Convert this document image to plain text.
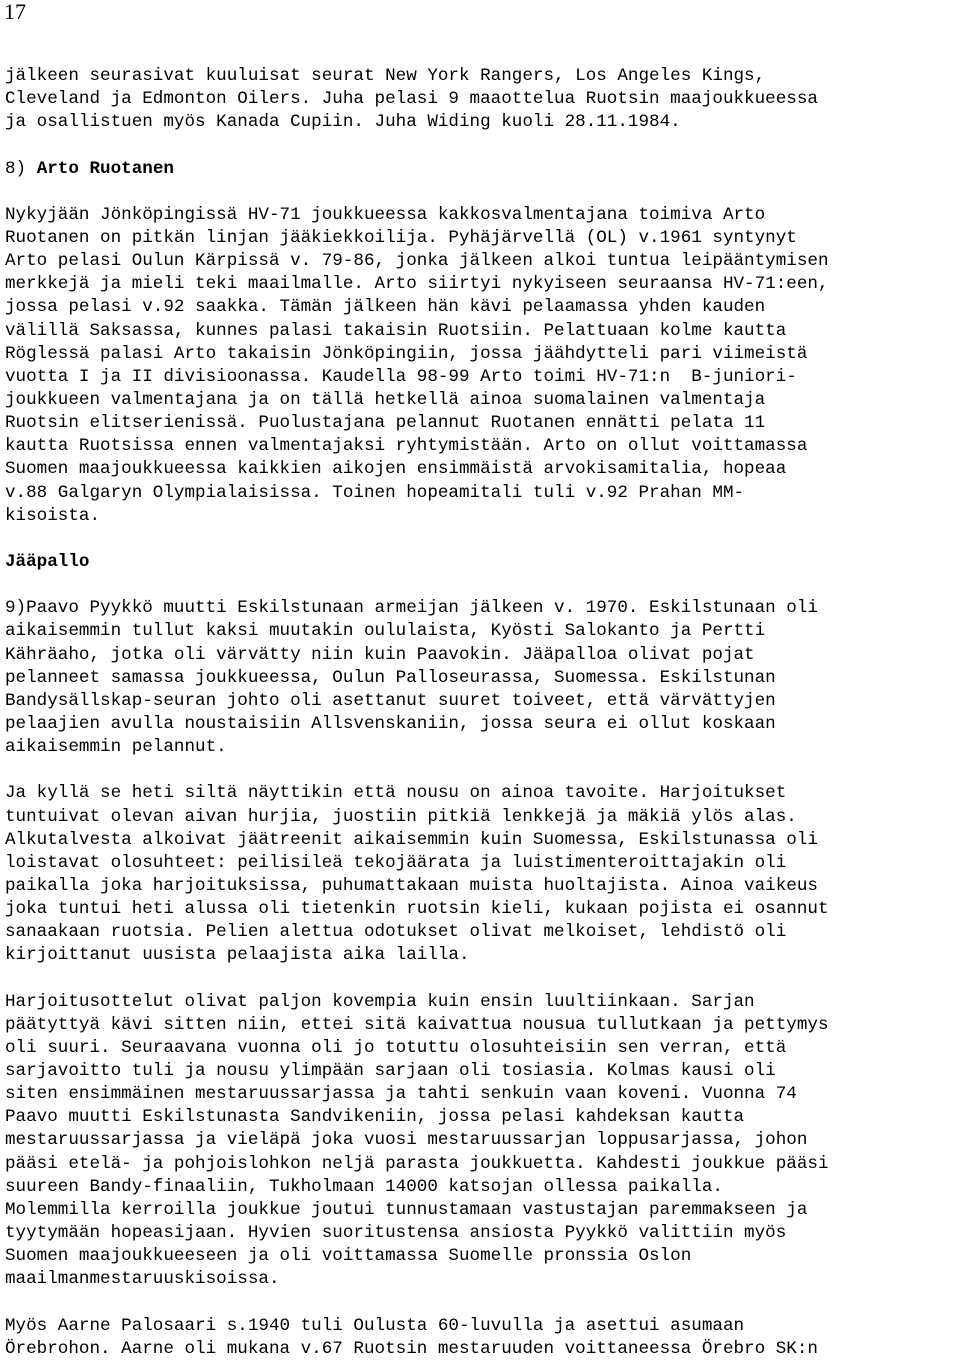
17
jälkeen seurasivat kuuluisat seurat New York Rangers, Los Angeles Kings,
Cleveland ja Edmonton Oilers. Juha pelasi 9 maaottelua Ruotsin maajoukkueessa
ja osallistuen myös Kanada Cupiin. Juha Widing kuoli 28.11.1984.
8) Arto Ruotanen
Nykyjään Jönköpingissä HV-71 joukkueessa kakkosvalmentajana toimiva Arto
Ruotanen on pitkän linjan jääkiekkoilija. Pyhäjärvellä (OL) v.1961 syntynyt
Arto pelasi Oulun Kärpissä v. 79-86, jonka jälkeen alkoi tuntua leipääntymisen
merkkejä ja mieli teki maailmalle. Arto siirtyi nykyiseen seuraansa HV-71:een,
jossa pelasi v.92 saakka. Tämän jälkeen hän kävi pelaamassa yhden kauden
välillä Saksassa, kunnes palasi takaisin Ruotsiin. Pelattuaan kolme kautta
Röglessä palasi Arto takaisin Jönköpingiin, jossa jäähdytteli pari viimeistä
vuotta I ja II divisioonassa. Kaudella 98-99 Arto toimi HV-71:n  B-juniori-
joukkueen valmentajana ja on tällä hetkellä ainoa suomalainen valmentaja
Ruotsin elitserienissä. Puolustajana pelannut Ruotanen ennätti pelata 11
kautta Ruotsissa ennen valmentajaksi ryhtymistään. Arto on ollut voittamassa
Suomen maajoukkueessa kaikkien aikojen ensimmäistä arvokisamitalia, hopeaa
v.88 Galgaryn Olympialaisissa. Toinen hopeamitali tuli v.92 Prahan MM-
kisoista.
Jääpallo
9)Paavo Pyykkö muutti Eskilstunaan armeijan jälkeen v. 1970. Eskilstunaan oli
aikaisemmin tullut kaksi muutakin oululaista, Kyösti Salokanto ja Pertti
Kähräaho, jotka oli värvätty niin kuin Paavokin. Jääpalloa olivat pojat
pelanneet samassa joukkueessa, Oulun Palloseurassa, Suomessa. Eskilstunan
Bandysällskap-seuran johto oli asettanut suuret toiveet, että värvättyjen
pelaajien avulla noustaisiin Allsvenskaniin, jossa seura ei ollut koskaan
aikaisemmin pelannut.
Ja kyllä se heti siltä näyttikin että nousu on ainoa tavoite. Harjoitukset
tuntuivat olevan aivan hurjia, juostiin pitkiä lenkkejä ja mäkiä ylös alas.
Alkutalvesta alkoivat jäätreenit aikaisemmin kuin Suomessa, Eskilstunassa oli
loistavat olosuhteet: peilisileä tekojäärata ja luistimenteroittajakin oli
paikalla joka harjoituksissa, puhumattakaan muista huoltajista. Ainoa vaikeus
joka tuntui heti alussa oli tietenkin ruotsin kieli, kukaan pojista ei osannut
sanaakaan ruotsia. Pelien alettua odotukset olivat melkoiset, lehdistö oli
kirjoittanut uusista pelaajista aika lailla.
Harjoitusottelut olivat paljon kovempia kuin ensin luultiinkaan. Sarjan
päätyttyä kävi sitten niin, ettei sitä kaivattua nousua tullutkaan ja pettymys
oli suuri. Seuraavana vuonna oli jo totuttu olosuhteisiin sen verran, että
sarjavoitto tuli ja nousu ylimpään sarjaan oli tosiasia. Kolmas kausi oli
siten ensimmäinen mestaruussarjassa ja tahti senkuin vaan koveni. Vuonna 74
Paavo muutti Eskilstunasta Sandvikeniin, jossa pelasi kahdeksan kautta
mestaruussarjassa ja vieläpä joka vuosi mestaruussarjan loppusarjassa, johon
pääsi etelä- ja pohjoislohkon neljä parasta joukkuetta. Kahdesti joukkue pääsi
suureen Bandy-finaaliin, Tukholmaan 14000 katsojan ollessa paikalla.
Molemmilla kerroilla joukkue joutui tunnustamaan vastustajan paremmakseen ja
tyytymään hopeasijaan. Hyvien suoritustensa ansiosta Pyykkö valittiin myös
Suomen maajoukkueeseen ja oli voittamassa Suomelle pronssia Oslon
maailmanmestaruuskisoissa.
Myös Aarne Palosaari s.1940 tuli Oulusta 60-luvulla ja asettui asumaan
Örebrohon. Aarne oli mukana v.67 Ruotsin mestaruuden voittaneessa Örebro SK:n
